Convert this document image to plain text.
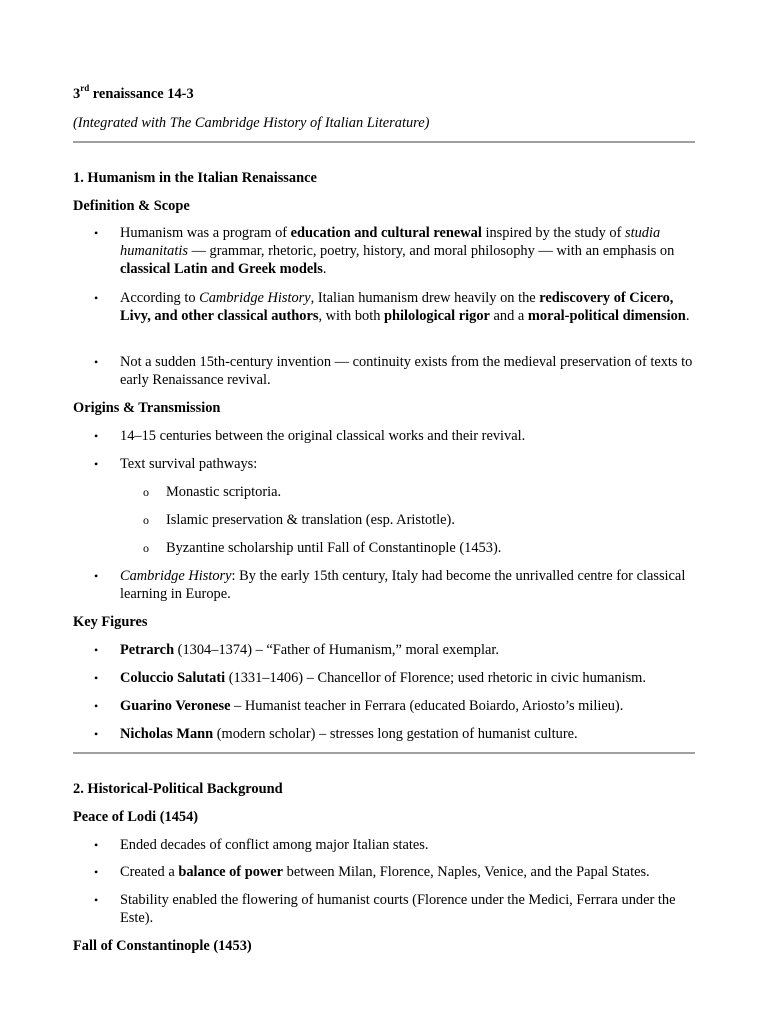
3rd renaissance 14-3
(Integrated with The Cambridge History of Italian Literature)
1. Humanism in the Italian Renaissance
Definition & Scope
• Humanism was a program of education and cultural renewal inspired by the study of studia humanitatis — grammar, rhetoric, poetry, history, and moral philosophy — with an emphasis on classical Latin and Greek models.
• According to Cambridge History, Italian humanism drew heavily on the rediscovery of Cicero, Livy, and other classical authors, with both philological rigor and a moral-political dimension.
• Not a sudden 15th-century invention — continuity exists from the medieval preservation of texts to early Renaissance revival.
Origins & Transmission
• 14–15 centuries between the original classical works and their revival.
• Text survival pathways:
o Monastic scriptoria.
o Islamic preservation & translation (esp. Aristotle).
o Byzantine scholarship until Fall of Constantinople (1453).
• Cambridge History: By the early 15th century, Italy had become the unrivalled centre for classical learning in Europe.
Key Figures
• Petrarch (1304–1374) – “Father of Humanism,” moral exemplar.
• Coluccio Salutati (1331–1406) – Chancellor of Florence; used rhetoric in civic humanism.
• Guarino Veronese – Humanist teacher in Ferrara (educated Boiardo, Ariosto’s milieu).
• Nicholas Mann (modern scholar) – stresses long gestation of humanist culture.
2. Historical-Political Background
Peace of Lodi (1454)
• Ended decades of conflict among major Italian states.
• Created a balance of power between Milan, Florence, Naples, Venice, and the Papal States.
• Stability enabled the flowering of humanist courts (Florence under the Medici, Ferrara under the Este).
Fall of Constantinople (1453)
